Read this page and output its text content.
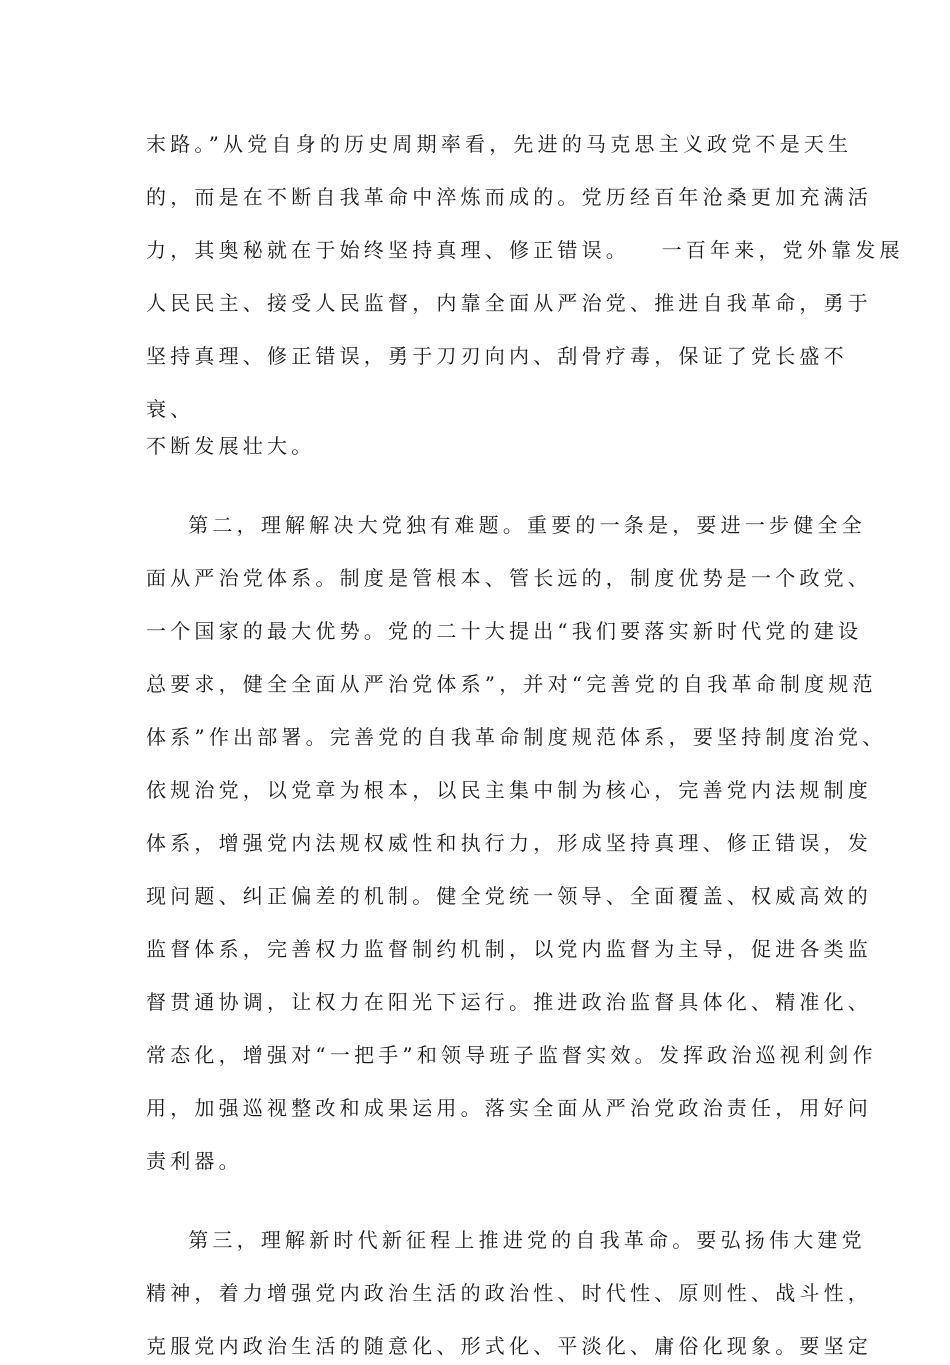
末路。”从党自身的历史周期率看，先进的马克思主义政党不是天生
的，而是在不断自我革命中淬炼而成的。党历经百年沧桑更加充满活
力，其奥秘就在于始终坚持真理、修正错误。   一百年来，党外靠发展
人民民主、接受人民监督，内靠全面从严治党、推进自我革命，勇于
坚持真理、修正错误，勇于刀刃向内、刮骨疗毒，保证了党长盛不
衰、
不断发展壮大。
第二，理解解决大党独有难题。重要的一条是，要进一步健全全
面从严治党体系。制度是管根本、管长远的，制度优势是一个政党、
一个国家的最大优势。党的二十大提出“我们要落实新时代党的建设
总要求，健全全面从严治党体系”，并对“完善党的自我革命制度规范
体系”作出部署。完善党的自我革命制度规范体系，要坚持制度治党、
依规治党，以党章为根本，以民主集中制为核心，完善党内法规制度
体系，增强党内法规权威性和执行力，形成坚持真理、修正错误，发
现问题、纠正偏差的机制。健全党统一领导、全面覆盖、权威高效的
监督体系，完善权力监督制约机制，以党内监督为主导，促进各类监
督贯通协调，让权力在阳光下运行。推进政治监督具体化、精准化、
常态化，增强对“一把手”和领导班子监督实效。发挥政治巡视利剑作
用，加强巡视整改和成果运用。落实全面从严治党政治责任，用好问
责利器。
第三，理解新时代新征程上推进党的自我革命。要弘扬伟大建党
精神，着力增强党内政治生活的政治性、时代性、原则性、战斗性，
克服党内政治生活的随意化、形式化、平淡化、庸俗化现象。要坚定
